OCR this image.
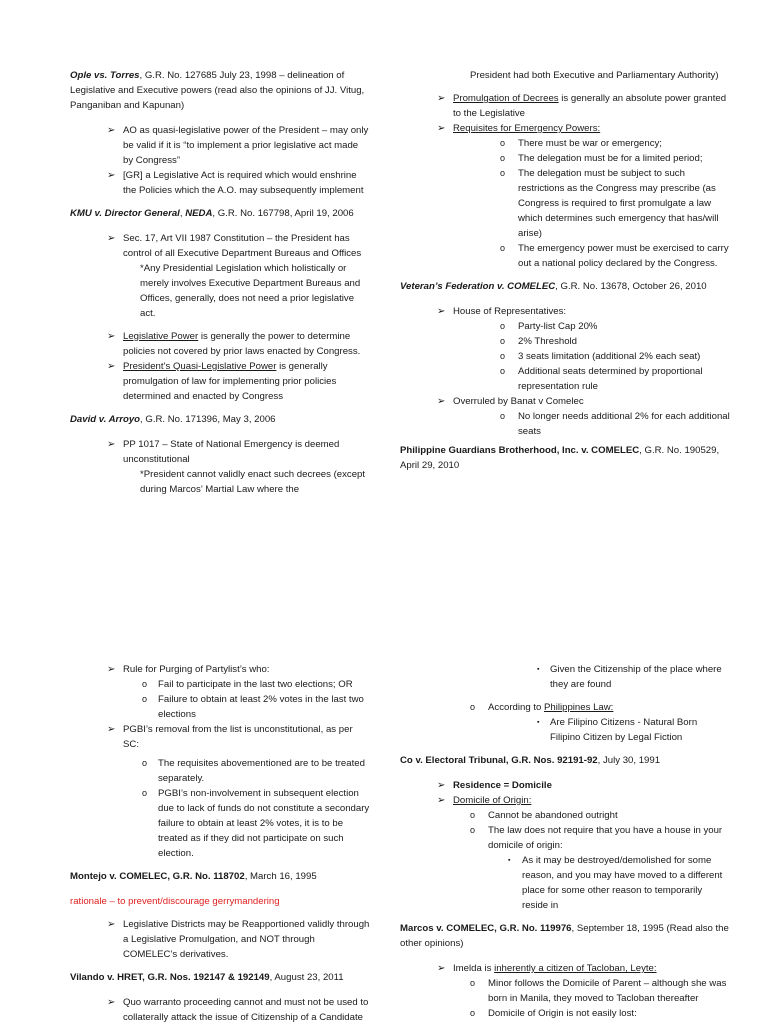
Ople vs. Torres, G.R. No. 127685 July 23, 1998 – delineation of Legislative and Executive powers (read also the opinions of JJ. Vitug, Panganiban and Kapunan)
➢ AO as quasi-legislative power of the President – may only be valid if it is “to implement a prior legislative act made by Congress”
➢ [GR] a Legislative Act is required which would enshrine the Policies which the A.O. may subsequently implement
KMU v. Director General, NEDA, G.R. No. 167798, April 19, 2006
➢ Sec. 17, Art VII 1987 Constitution – the President has control of all Executive Department Bureaus and Offices
*Any Presidential Legislation which holistically or merely involves Executive Department Bureaus and Offices, generally, does not need a prior legislative act.
➢ Legislative Power is generally the power to determine policies not covered by prior laws enacted by Congress.
➢ President’s Quasi-Legislative Power is generally promulgation of law for implementing prior policies determined and enacted by Congress
David v. Arroyo, G.R. No. 171396, May 3, 2006
➢ PP 1017 – State of National Emergency is deemed unconstitutional
*President cannot validly enact such decrees (except during Marcos’ Martial Law where the
President had both Executive and Parliamentary Authority)
➢ Promulgation of Decrees is generally an absolute power granted to the Legislative
➢ Requisites for Emergency Powers:
o There must be war or emergency;
o The delegation must be for a limited period;
o The delegation must be subject to such restrictions as the Congress may prescribe (as Congress is required to first promulgate a law which determines such emergency that has/will arise)
o The emergency power must be exercised to carry out a national policy declared by the Congress.
Veteran’s Federation v. COMELEC, G.R. No. 13678, October 26, 2010
➢ House of Representatives:
o Party-list Cap 20%
o 2% Threshold
o 3 seats limitation (additional 2% each seat)
o Additional seats determined by proportional representation rule
➢ Overruled by Banat v Comelec
o No longer needs additional 2% for each additional seats
Philippine Guardians Brotherhood, Inc. v. COMELEC, G.R. No. 190529, April 29, 2010
➢ Rule for Purging of Partylist’s who:
o Fail to participate in the last two elections; OR
o Failure to obtain at least 2% votes in the last two elections
➢ PGBI’s removal from the list is unconstitutional, as per SC:
o The requisites abovementioned are to be treated separately.
o PGBI’s non-involvement in subsequent election due to lack of funds do not constitute a secondary failure to obtain at least 2% votes, it is to be treated as if they did not participate on such election.
Montejo v. COMELEC, G.R. No. 118702, March 16, 1995
rationale – to prevent/discourage gerrymandering
➢ Legislative Districts may be Reapportioned validly through a Legislative Promulgation, and NOT through COMELEC’s derivatives.
Vilando v. HRET, G.R. Nos. 192147 & 192149, August 23, 2011
➢ Quo warranto proceeding cannot and must not be used to collaterally attack the issue of Citizenship of a Candidate
▪ Given the Citizenship of the place where they are found
o According to Philippines Law:
▪ Are Filipino Citizens - Natural Born Filipino Citizen by Legal Fiction
Co v. Electoral Tribunal, G.R. Nos. 92191-92, July 30, 1991
➢ Residence = Domicile
➢ Domicile of Origin:
o Cannot be abandoned outright
o The law does not require that you have a house in your domicile of origin:
▪ As it may be destroyed/demolished for some reason, and you may have moved to a different place for some other reason to temporarily reside in
Marcos v. COMELEC, G.R. No. 119976, September 18, 1995 (Read also the other opinions)
➢ Imelda is inherently a citizen of Tacloban, Leyte:
o Minor follows the Domicile of Parent – although she was born in Manila, they moved to Tacloban thereafter
o Domicile of Origin is not easily lost:
